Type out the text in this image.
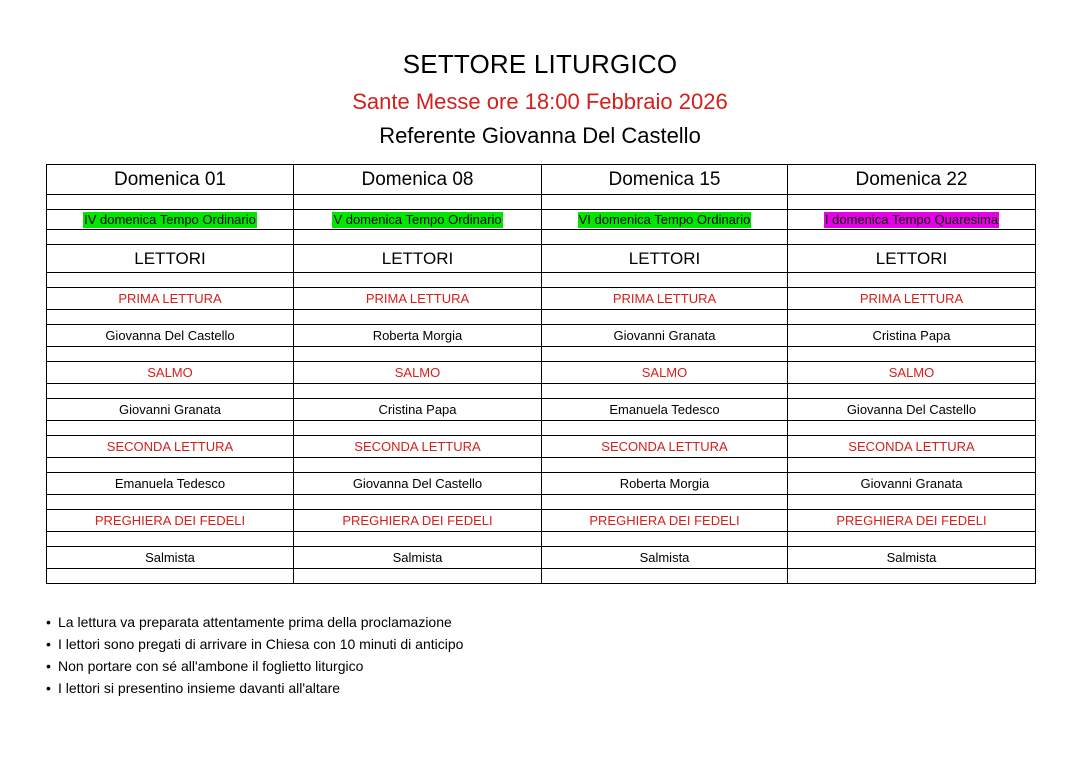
SETTORE LITURGICO
Sante Messe ore 18:00 Febbraio 2026
Referente Giovanna Del Castello
Domenica 01	Domenica 08	Domenica 15	Domenica 22

IV domenica Tempo Ordinario	V domenica Tempo Ordinario	VI domenica Tempo Ordinario	I domenica Tempo Quaresima

LETTORI	LETTORI	LETTORI	LETTORI

PRIMA LETTURA	PRIMA LETTURA	PRIMA LETTURA	PRIMA LETTURA

Giovanna Del Castello	Roberta Morgia	Giovanni Granata	Cristina Papa

SALMO	SALMO	SALMO	SALMO

Giovanni Granata	Cristina Papa	Emanuela Tedesco	Giovanna Del Castello

SECONDA LETTURA	SECONDA LETTURA	SECONDA LETTURA	SECONDA LETTURA

Emanuela Tedesco	Giovanna Del Castello	Roberta Morgia	Giovanni Granata

PREGHIERA DEI FEDELI	PREGHIERA DEI FEDELI	PREGHIERA DEI FEDELI	PREGHIERA DEI FEDELI

Salmista	Salmista	Salmista	Salmista

• La lettura va preparata attentamente prima della proclamazione
• I lettori sono pregati di arrivare in Chiesa con 10 minuti di anticipo
• Non portare con sé all'ambone il foglietto liturgico
• I lettori si presentino insieme davanti all'altare
